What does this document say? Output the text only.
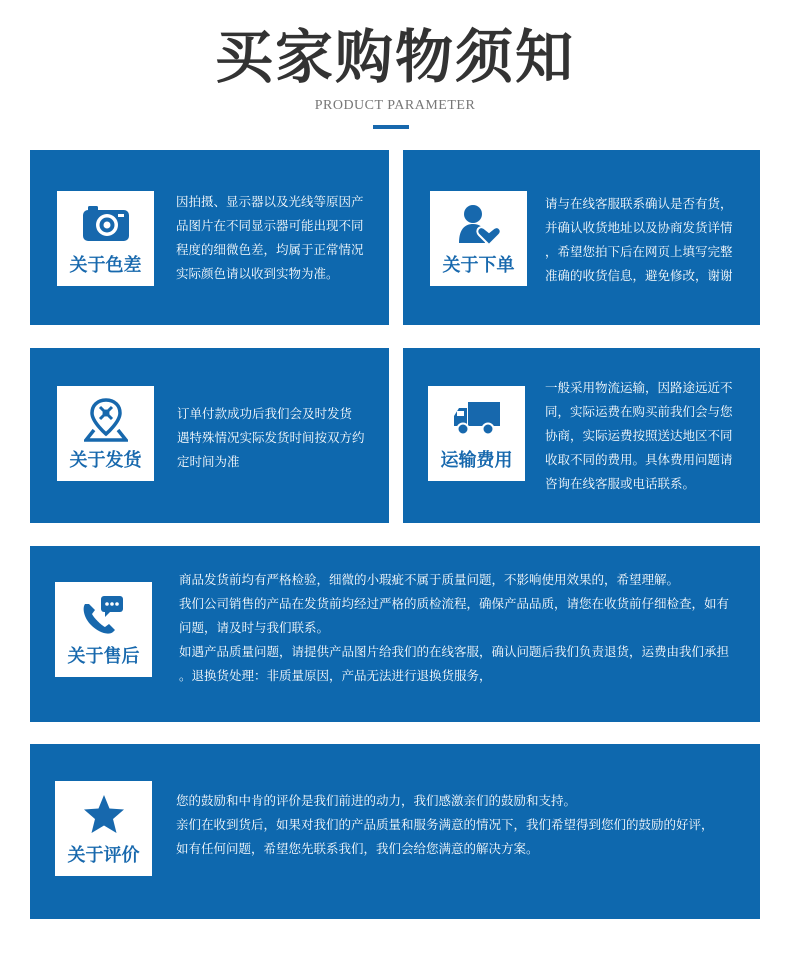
买家购物须知
PRODUCT PARAMETER
关于色差

因拍摄、显示器以及光线等原因产

品图片在不同显示器可能出现不同

程度的细微色差，均属于正常情况

实际颜色请以收到实物为准。	关于下单

请与在线客服联系确认是否有货，

并确认收货地址以及协商发货详情

，希望您拍下后在网页上填写完整

准确的收货信息，避免修改，谢谢

关于发货

订单付款成功后我们会及时发货

遇特殊情况实际发货时间按双方约

定时间为准	运输费用

一般采用物流运输，因路途远近不

同，实际运费在购买前我们会与您

协商，实际运费按照送达地区不同

收取不同的费用。具体费用问题请

咨询在线客服或电话联系。

关于售后

商品发货前均有严格检验，细微的小瑕疵不属于质量问题，不影响使用效果的，希望理解。

我们公司销售的产品在发货前均经过严格的质检流程，确保产品品质，请您在收货前仔细检查，如有

问题，请及时与我们联系。

如遇产品质量问题，请提供产品图片给我们的在线客服，确认问题后我们负责退货，运费由我们承担

。退换货处理：非质量原因，产品无法进行退换货服务，

关于评价

您的鼓励和中肯的评价是我们前进的动力，我们感激亲们的鼓励和支持。

亲们在收到货后，如果对我们的产品质量和服务满意的情况下，我们希望得到您们的鼓励的好评，

如有任何问题，希望您先联系我们，我们会给您满意的解决方案。
